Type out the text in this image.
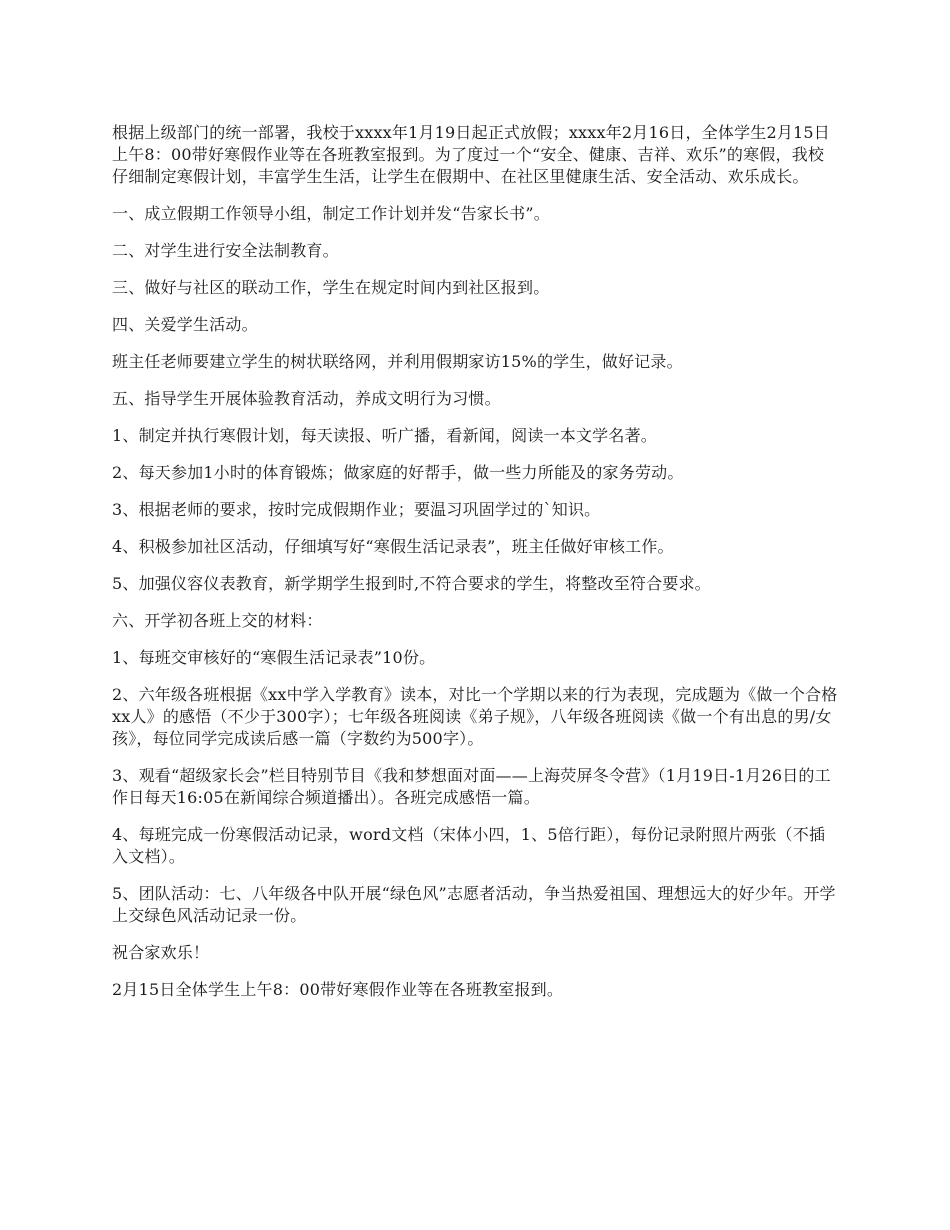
根据上级部门的统一部署，我校于xxxx年1月19日起正式放假；xxxx年2月16日，全体学生2月15日上午8：00带好寒假作业等在各班教室报到。为了度过一个“安全、健康、吉祥、欢乐”的寒假，我校仔细制定寒假计划，丰富学生生活，让学生在假期中、在社区里健康生活、安全活动、欢乐成长。

一、成立假期工作领导小组，制定工作计划并发“告家长书”。

二、对学生进行安全法制教育。

三、做好与社区的联动工作，学生在规定时间内到社区报到。

四、关爱学生活动。

班主任老师要建立学生的树状联络网，并利用假期家访15%的学生，做好记录。

五、指导学生开展体验教育活动，养成文明行为习惯。

1、制定并执行寒假计划，每天读报、听广播，看新闻，阅读一本文学名著。

2、每天参加1小时的体育锻炼；做家庭的好帮手，做一些力所能及的家务劳动。

3、根据老师的要求，按时完成假期作业；要温习巩固学过的`知识。

4、积极参加社区活动，仔细填写好“寒假生活记录表”，班主任做好审核工作。

5、加强仪容仪表教育，新学期学生报到时,不符合要求的学生，将整改至符合要求。

六、开学初各班上交的材料：

1、每班交审核好的“寒假生活记录表”10份。

2、六年级各班根据《xx中学入学教育》读本，对比一个学期以来的行为表现，完成题为《做一个合格xx人》的感悟（不少于300字）；七年级各班阅读《弟子规》，八年级各班阅读《做一个有出息的男/女孩》，每位同学完成读后感一篇（字数约为500字）。

3、观看“超级家长会”栏目特别节目《我和梦想面对面——上海荧屏冬令营》（1月19日-1月26日的工作日每天16:05在新闻综合频道播出）。各班完成感悟一篇。

4、每班完成一份寒假活动记录，word文档（宋体小四，1、5倍行距），每份记录附照片两张（不插入文档）。

5、团队活动：七、八年级各中队开展“绿色风”志愿者活动，争当热爱祖国、理想远大的好少年。开学上交绿色风活动记录一份。

祝合家欢乐！

2月15日全体学生上午8：00带好寒假作业等在各班教室报到。
